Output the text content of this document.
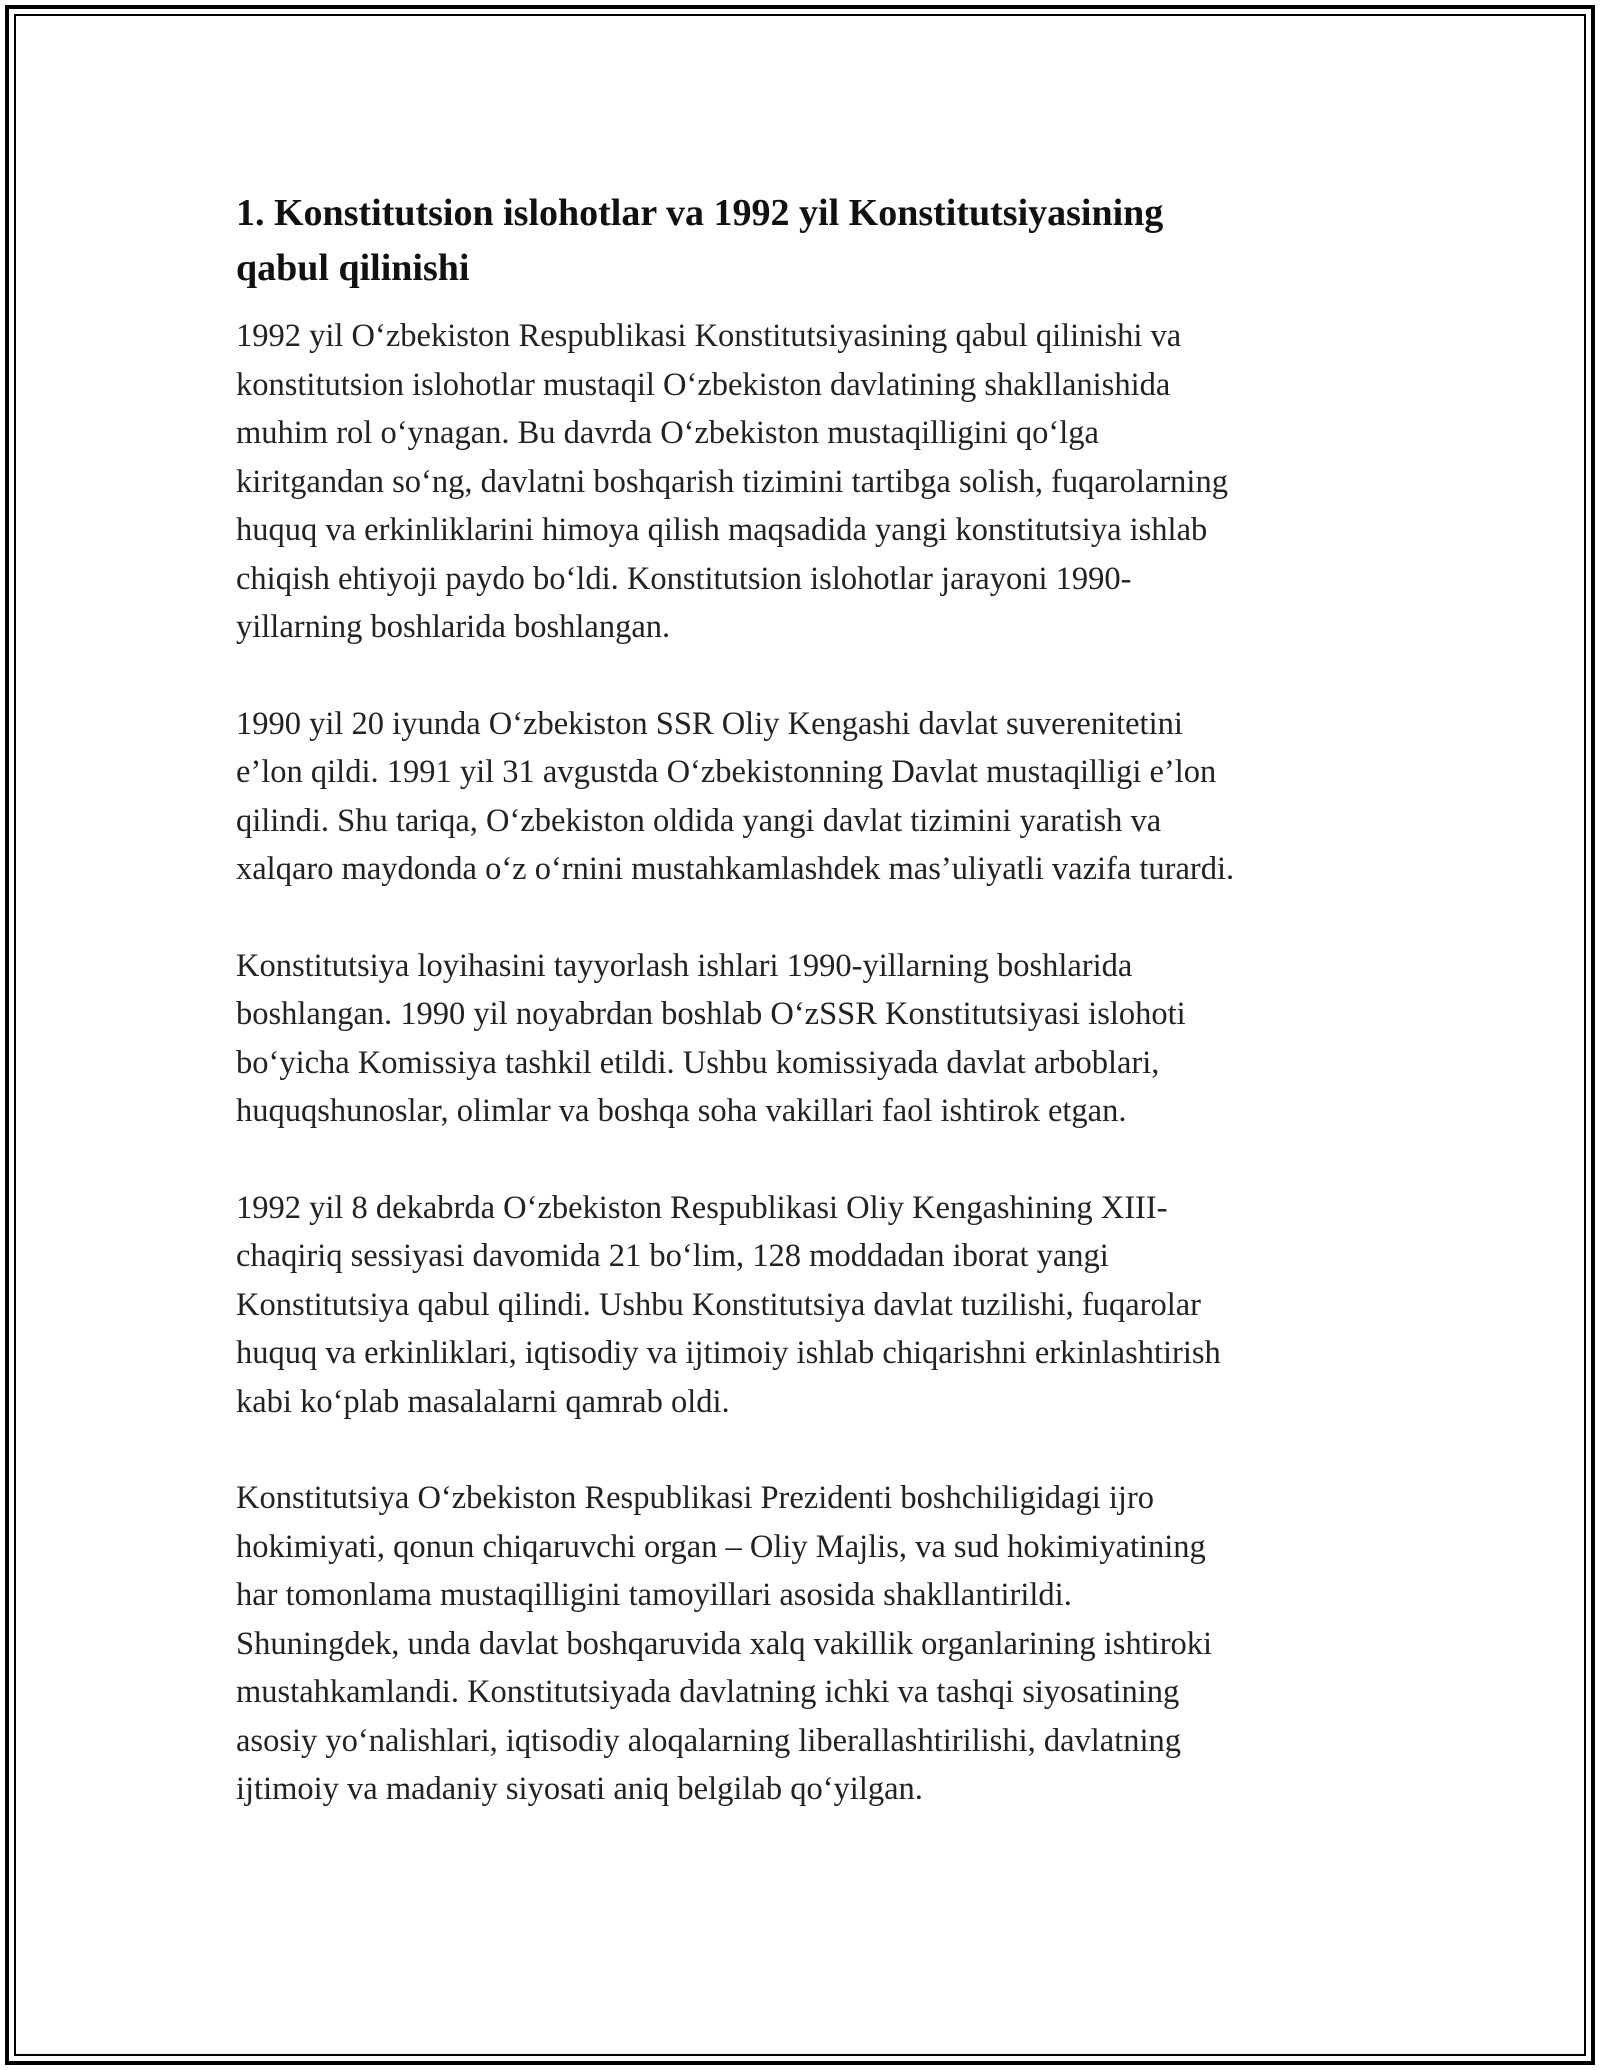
1. Konstitutsion islohotlar va 1992 yil Konstitutsiyasining
qabul qilinishi

1992 yil O‘zbekiston Respublikasi Konstitutsiyasining qabul qilinishi va
konstitutsion islohotlar mustaqil O‘zbekiston davlatining shakllanishida
muhim rol o‘ynagan. Bu davrda O‘zbekiston mustaqilligini qo‘lga
kiritgandan so‘ng, davlatni boshqarish tizimini tartibga solish, fuqarolarning
huquq va erkinliklarini himoya qilish maqsadida yangi konstitutsiya ishlab
chiqish ehtiyoji paydo bo‘ldi. Konstitutsion islohotlar jarayoni 1990-
yillarning boshlarida boshlangan.

1990 yil 20 iyunda O‘zbekiston SSR Oliy Kengashi davlat suverenitetini
e’lon qildi. 1991 yil 31 avgustda O‘zbekistonning Davlat mustaqilligi e’lon
qilindi. Shu tariqa, O‘zbekiston oldida yangi davlat tizimini yaratish va
xalqaro maydonda o‘z o‘rnini mustahkamlashdek mas’uliyatli vazifa turardi.

Konstitutsiya loyihasini tayyorlash ishlari 1990-yillarning boshlarida
boshlangan. 1990 yil noyabrdan boshlab O‘zSSR Konstitutsiyasi islohoti
bo‘yicha Komissiya tashkil etildi. Ushbu komissiyada davlat arboblari,
huquqshunoslar, olimlar va boshqa soha vakillari faol ishtirok etgan.

1992 yil 8 dekabrda O‘zbekiston Respublikasi Oliy Kengashining XIII-
chaqiriq sessiyasi davomida 21 bo‘lim, 128 moddadan iborat yangi
Konstitutsiya qabul qilindi. Ushbu Konstitutsiya davlat tuzilishi, fuqarolar
huquq va erkinliklari, iqtisodiy va ijtimoiy ishlab chiqarishni erkinlashtirish
kabi ko‘plab masalalarni qamrab oldi.

Konstitutsiya O‘zbekiston Respublikasi Prezidenti boshchiligidagi ijro
hokimiyati, qonun chiqaruvchi organ – Oliy Majlis, va sud hokimiyatining
har tomonlama mustaqilligini tamoyillari asosida shakllantirildi.
Shuningdek, unda davlat boshqaruvida xalq vakillik organlarining ishtiroki
mustahkamlandi. Konstitutsiyada davlatning ichki va tashqi siyosatining
asosiy yo‘nalishlari, iqtisodiy aloqalarning liberallashtirilishi, davlatning
ijtimoiy va madaniy siyosati aniq belgilab qo‘yilgan.
